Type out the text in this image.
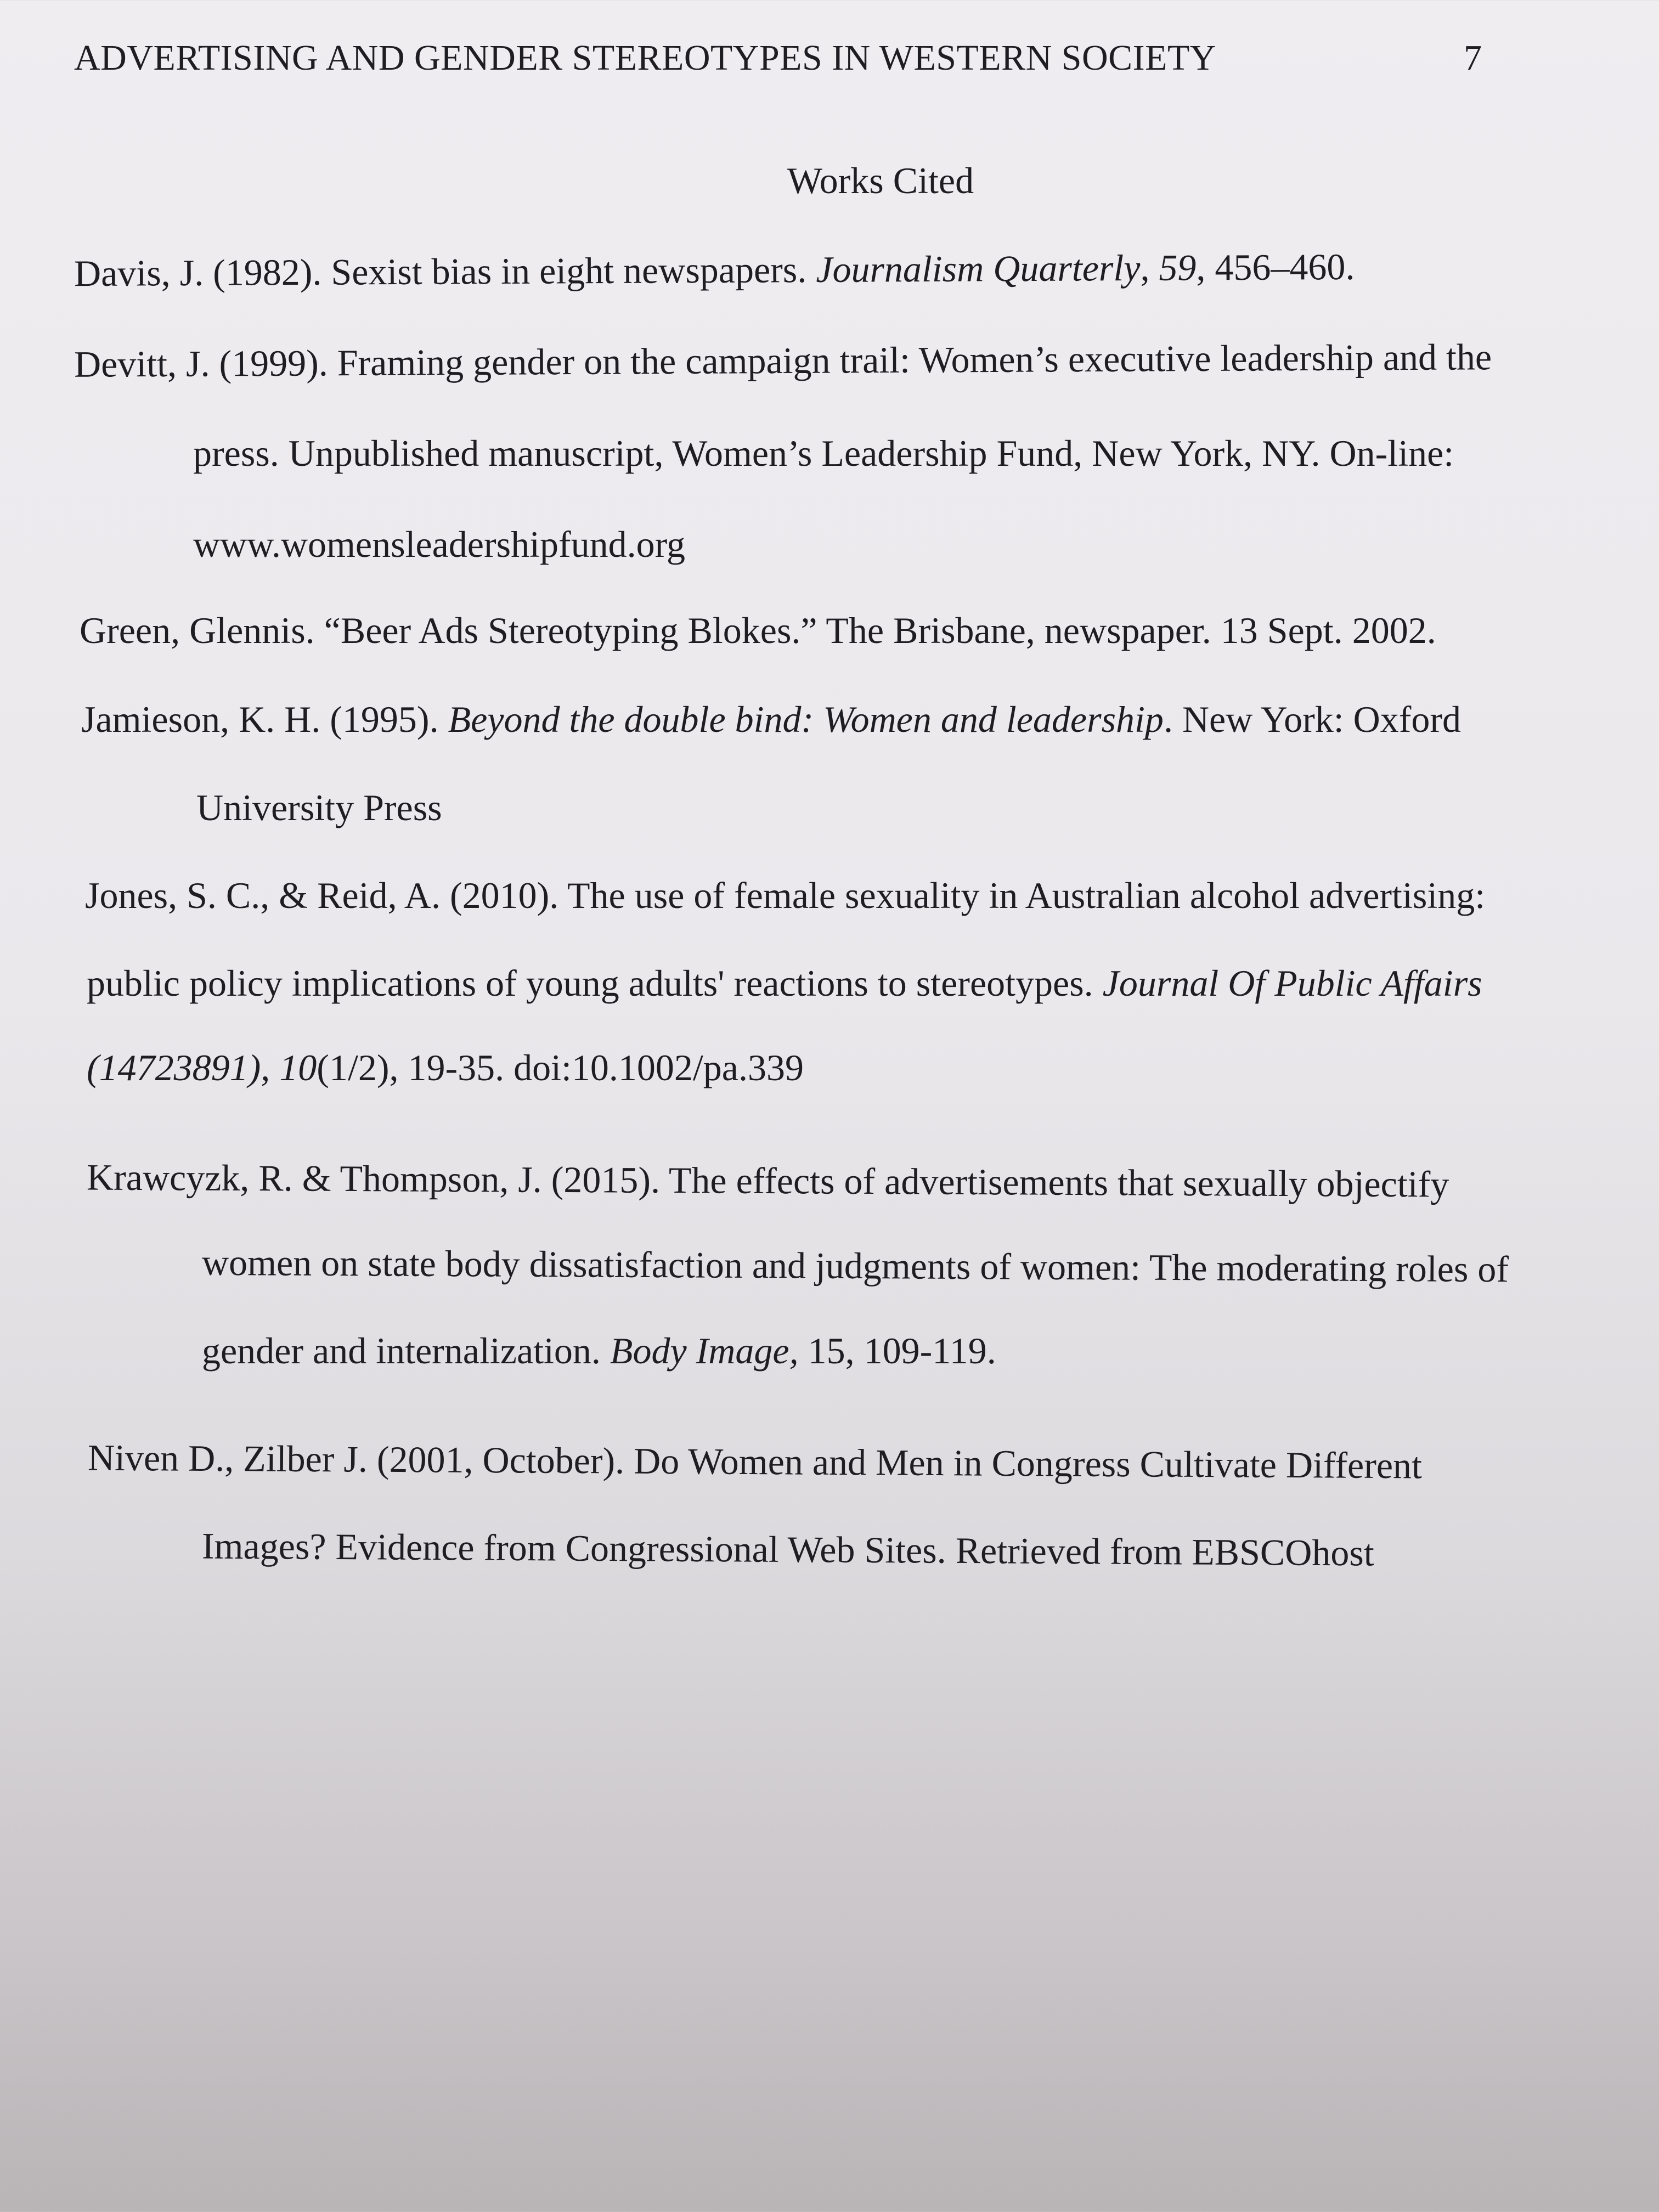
ADVERTISING AND GENDER STEREOTYPES IN WESTERN SOCIETY	7
Works Cited
Davis, J. (1982). Sexist bias in eight newspapers. Journalism Quarterly, 59, 456–460.
Devitt, J. (1999). Framing gender on the campaign trail: Women’s executive leadership and the
press. Unpublished manuscript, Women’s Leadership Fund, New York, NY. On-line:
www.womensleadershipfund.org
Green, Glennis. “Beer Ads Stereotyping Blokes.” The Brisbane, newspaper. 13 Sept. 2002.
Jamieson, K. H. (1995). Beyond the double bind: Women and leadership. New York: Oxford
University Press
Jones, S. C., & Reid, A. (2010). The use of female sexuality in Australian alcohol advertising:
public policy implications of young adults' reactions to stereotypes. Journal Of Public Affairs
(14723891), 10(1/2), 19-35. doi:10.1002/pa.339
Krawcyzk, R. & Thompson, J. (2015). The effects of advertisements that sexually objectify
women on state body dissatisfaction and judgments of women: The moderating roles of
gender and internalization. Body Image, 15, 109-119.
Niven D., Zilber J. (2001, October). Do Women and Men in Congress Cultivate Different
Images? Evidence from Congressional Web Sites. Retrieved from EBSCOhost
